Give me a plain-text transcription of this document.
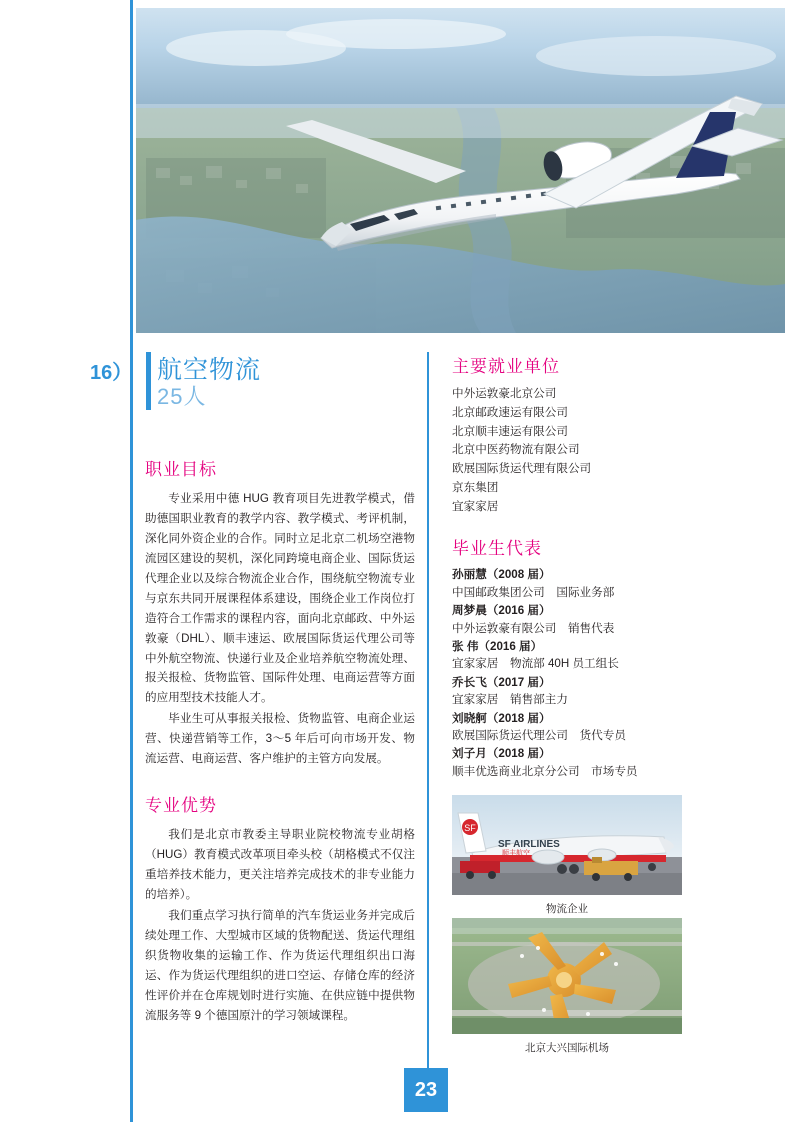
16） 航空物流
25人
职业目标

专业采用中德 HUG 教育项目先进教学模式，借助德国职业教育的教学内容、教学模式、考评机制，深化同外资企业的合作。同时立足北京二机场空港物流园区建设的契机，深化同跨境电商企业、国际货运代理企业以及综合物流企业合作，围绕航空物流专业与京东共同开展课程体系建设，围绕企业工作岗位打造符合工作需求的课程内容，面向北京邮政、中外运敦豪（DHL）、顺丰速运、欧展国际货运代理公司等中外航空物流、快递行业及企业培养航空物流处理、报关报检、货物监管、国际件处理、电商运营等方面的应用型技术技能人才。

毕业生可从事报关报检、货物监管、电商企业运营、快递营销等工作，3～5 年后可向市场开发、物流运营、电商运营、客户维护的主管方向发展。

专业优势

我们是北京市教委主导职业院校物流专业胡格（HUG）教育模式改革项目牵头校（胡格模式不仅注重培养技术能力，更关注培养完成技术的非专业能力的培养）。

我们重点学习执行简单的汽车货运业务并完成后续处理工作、大型城市区域的货物配送、货运代理组织货物收集的运输工作、作为货运代理组织出口海运、作为货运代理组织的进口空运、存储仓库的经济性评价并在仓库规划时进行实施、在供应链中提供物流服务等 9 个德国原汁的学习领域课程。

主要就业单位
中外运敦豪北京公司
北京邮政速运有限公司
北京顺丰速运有限公司
北京中医药物流有限公司
欧展国际货运代理有限公司
京东集团
宜家家居
毕业生代表
孙丽慧（2008 届）
中国邮政集团公司　国际业务部
周梦晨（2016 届）
中外运敦豪有限公司　销售代表
张 伟（2016 届）
宜家家居　物流部 40H 员工组长
乔长飞（2017 届）
宜家家居　销售部主力
刘晓舸（2018 届）
欧展国际货运代理公司　货代专员
刘子月（2018 届）
顺丰优选商业北京分公司　市场专员
SF
SF AIRLINES
顺丰航空
物流企业
北京大兴国际机场
23
